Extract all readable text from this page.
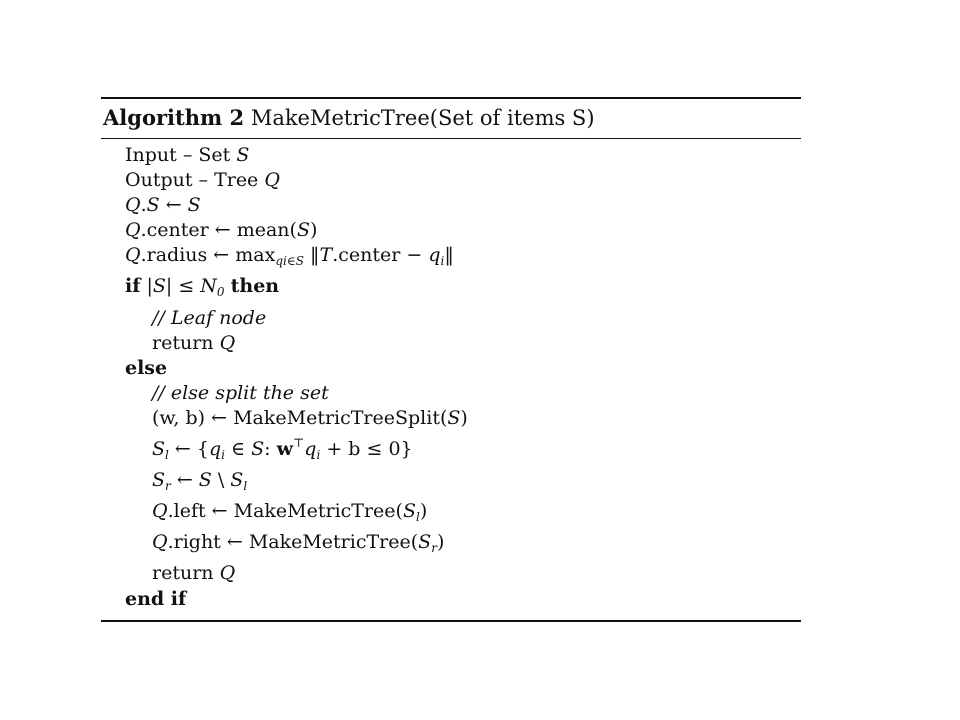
Algorithm 2 MakeMetricTree(Set of items S)
Input – Set S
Output – Tree Q
Q.S ← S
Q.center ← mean(S)
Q.radius ← $\max_{qi\in S}$ ‖T.center − $q_i‖$
if $|S| \le N_0$ then
// Leaf node
return Q
else
// else split the set
(w, b) ← MakeMetricTreeSplit(S)
$S_l$ ← {$q_i$ ∈ S: $w^⊤q_i + b \le 0$}
$S_r$ ← S \ $S_l$
Q.left ← $MakeMetricTree(S_l)$
Q.right ← $MakeMetricTree(S_r)$
return Q
end if
